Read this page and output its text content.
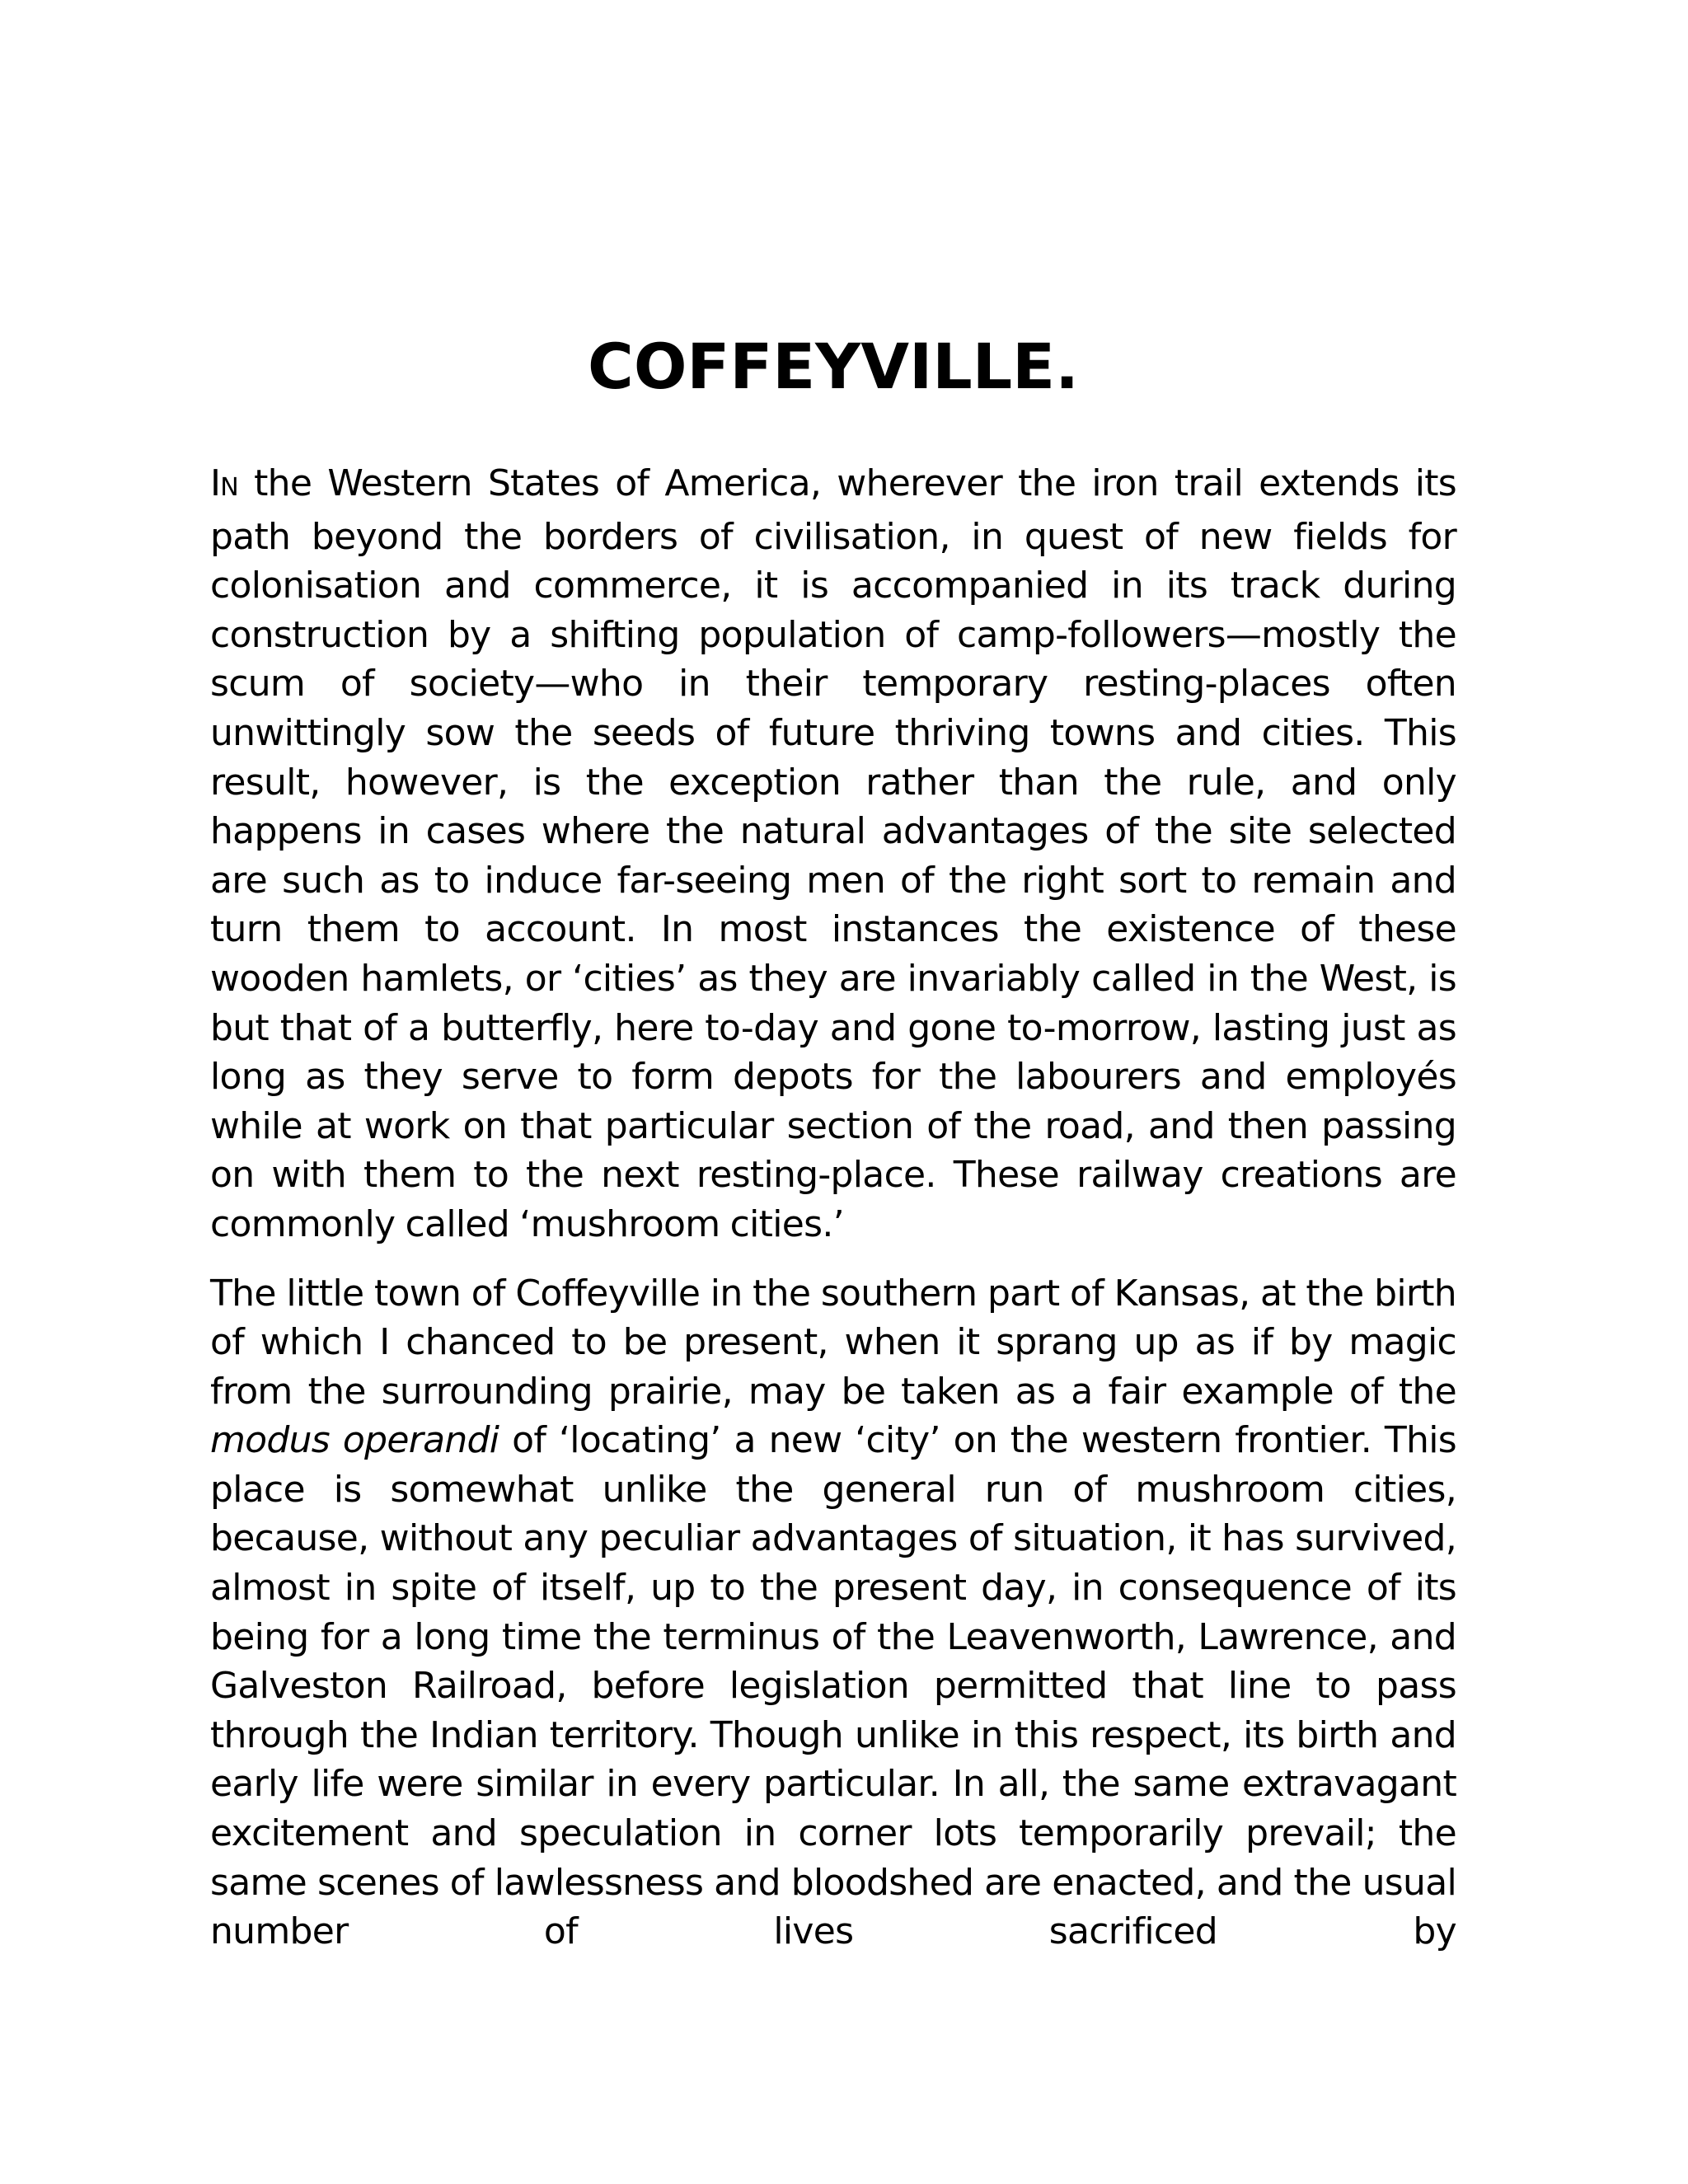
COFFEYVILLE.

IN the Western States of America, wherever the iron trail extends its path beyond the borders of civilisation, in quest of new fields for colonisation and commerce, it is accompanied in its track during construction by a shifting population of camp-followers—mostly the scum of society—who in their temporary resting-places often unwittingly sow the seeds of future thriving towns and cities. This result, however, is the exception rather than the rule, and only happens in cases where the natural advantages of the site selected are such as to induce far-seeing men of the right sort to remain and turn them to account. In most instances the existence of these wooden hamlets, or ‘cities’ as they are invariably called in the West, is but that of a butterfly, here to-day and gone to-morrow, lasting just as long as they serve to form depots for the labourers and employés while at work on that particular section of the road, and then passing on with them to the next resting-place. These railway creations are commonly called ‘mushroom cities.’

The little town of Coffeyville in the southern part of Kansas, at the birth of which I chanced to be present, when it sprang up as if by magic from the surrounding prairie, may be taken as a fair example of the modus operandi of ‘locating’ a new ‘city’ on the western frontier. This place is somewhat unlike the general run of mushroom cities, because, without any peculiar advantages of situation, it has survived, almost in spite of itself, up to the present day, in consequence of its being for a long time the terminus of the Leavenworth, Lawrence, and Galveston Railroad, before legislation permitted that line to pass through the Indian territory. Though unlike in this respect, its birth and early life were similar in every particular. In all, the same extravagant excitement and speculation in corner lots temporarily prevail; the same scenes of lawlessness and bloodshed are enacted, and the usual number of lives sacrificed by
